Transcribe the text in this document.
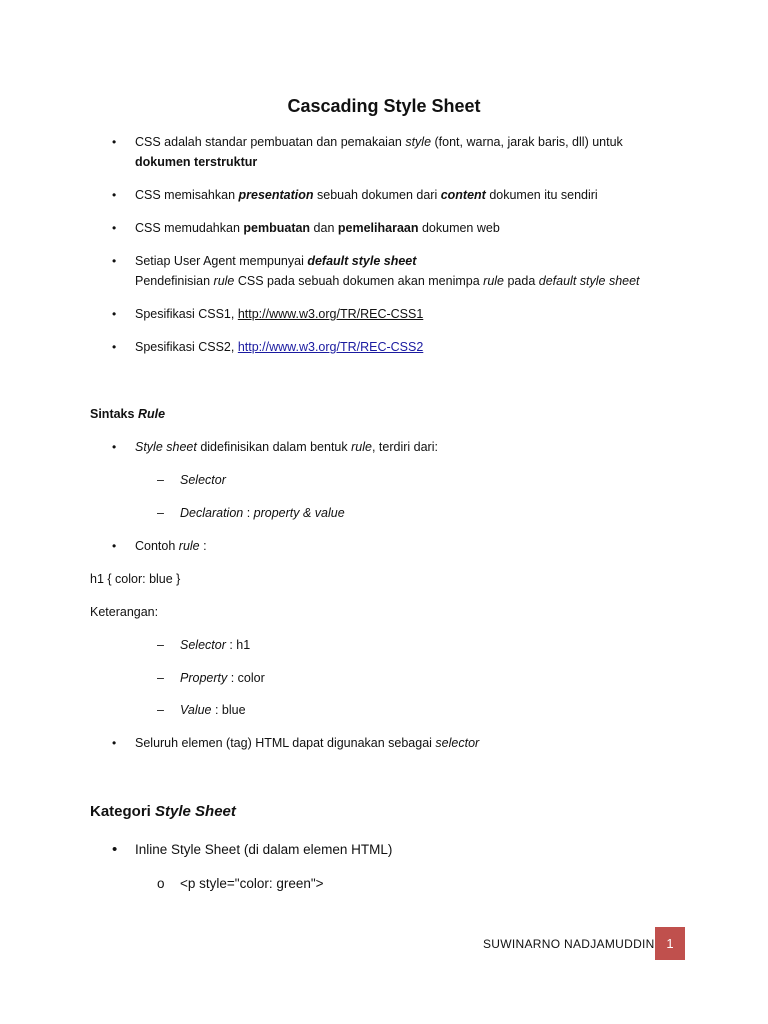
Cascading Style Sheet
• CSS adalah standar pembuatan dan pemakaian style (font, warna, jarak baris, dll) untuk
dokumen terstruktur
• CSS memisahkan presentation sebuah dokumen dari content dokumen itu sendiri
• CSS memudahkan pembuatan dan pemeliharaan dokumen web
• Setiap User Agent mempunyai default style sheet
Pendefinisian rule CSS pada sebuah dokumen akan menimpa rule pada default style sheet
• Spesifikasi CSS1, http://www.w3.org/TR/REC-CSS1
• Spesifikasi CSS2, http://www.w3.org/TR/REC-CSS2
Sintaks Rule
• Style sheet didefinisikan dalam bentuk rule, terdiri dari:
– Selector
– Declaration : property & value
• Contoh rule :
h1 { color: blue }
Keterangan:
– Selector : h1
– Property : color
– Value : blue
• Seluruh elemen (tag) HTML dapat digunakan sebagai selector
Kategori Style Sheet
• Inline Style Sheet (di dalam elemen HTML)
o <p style="color: green">
SUWINARNO NADJAMUDDIN 1
